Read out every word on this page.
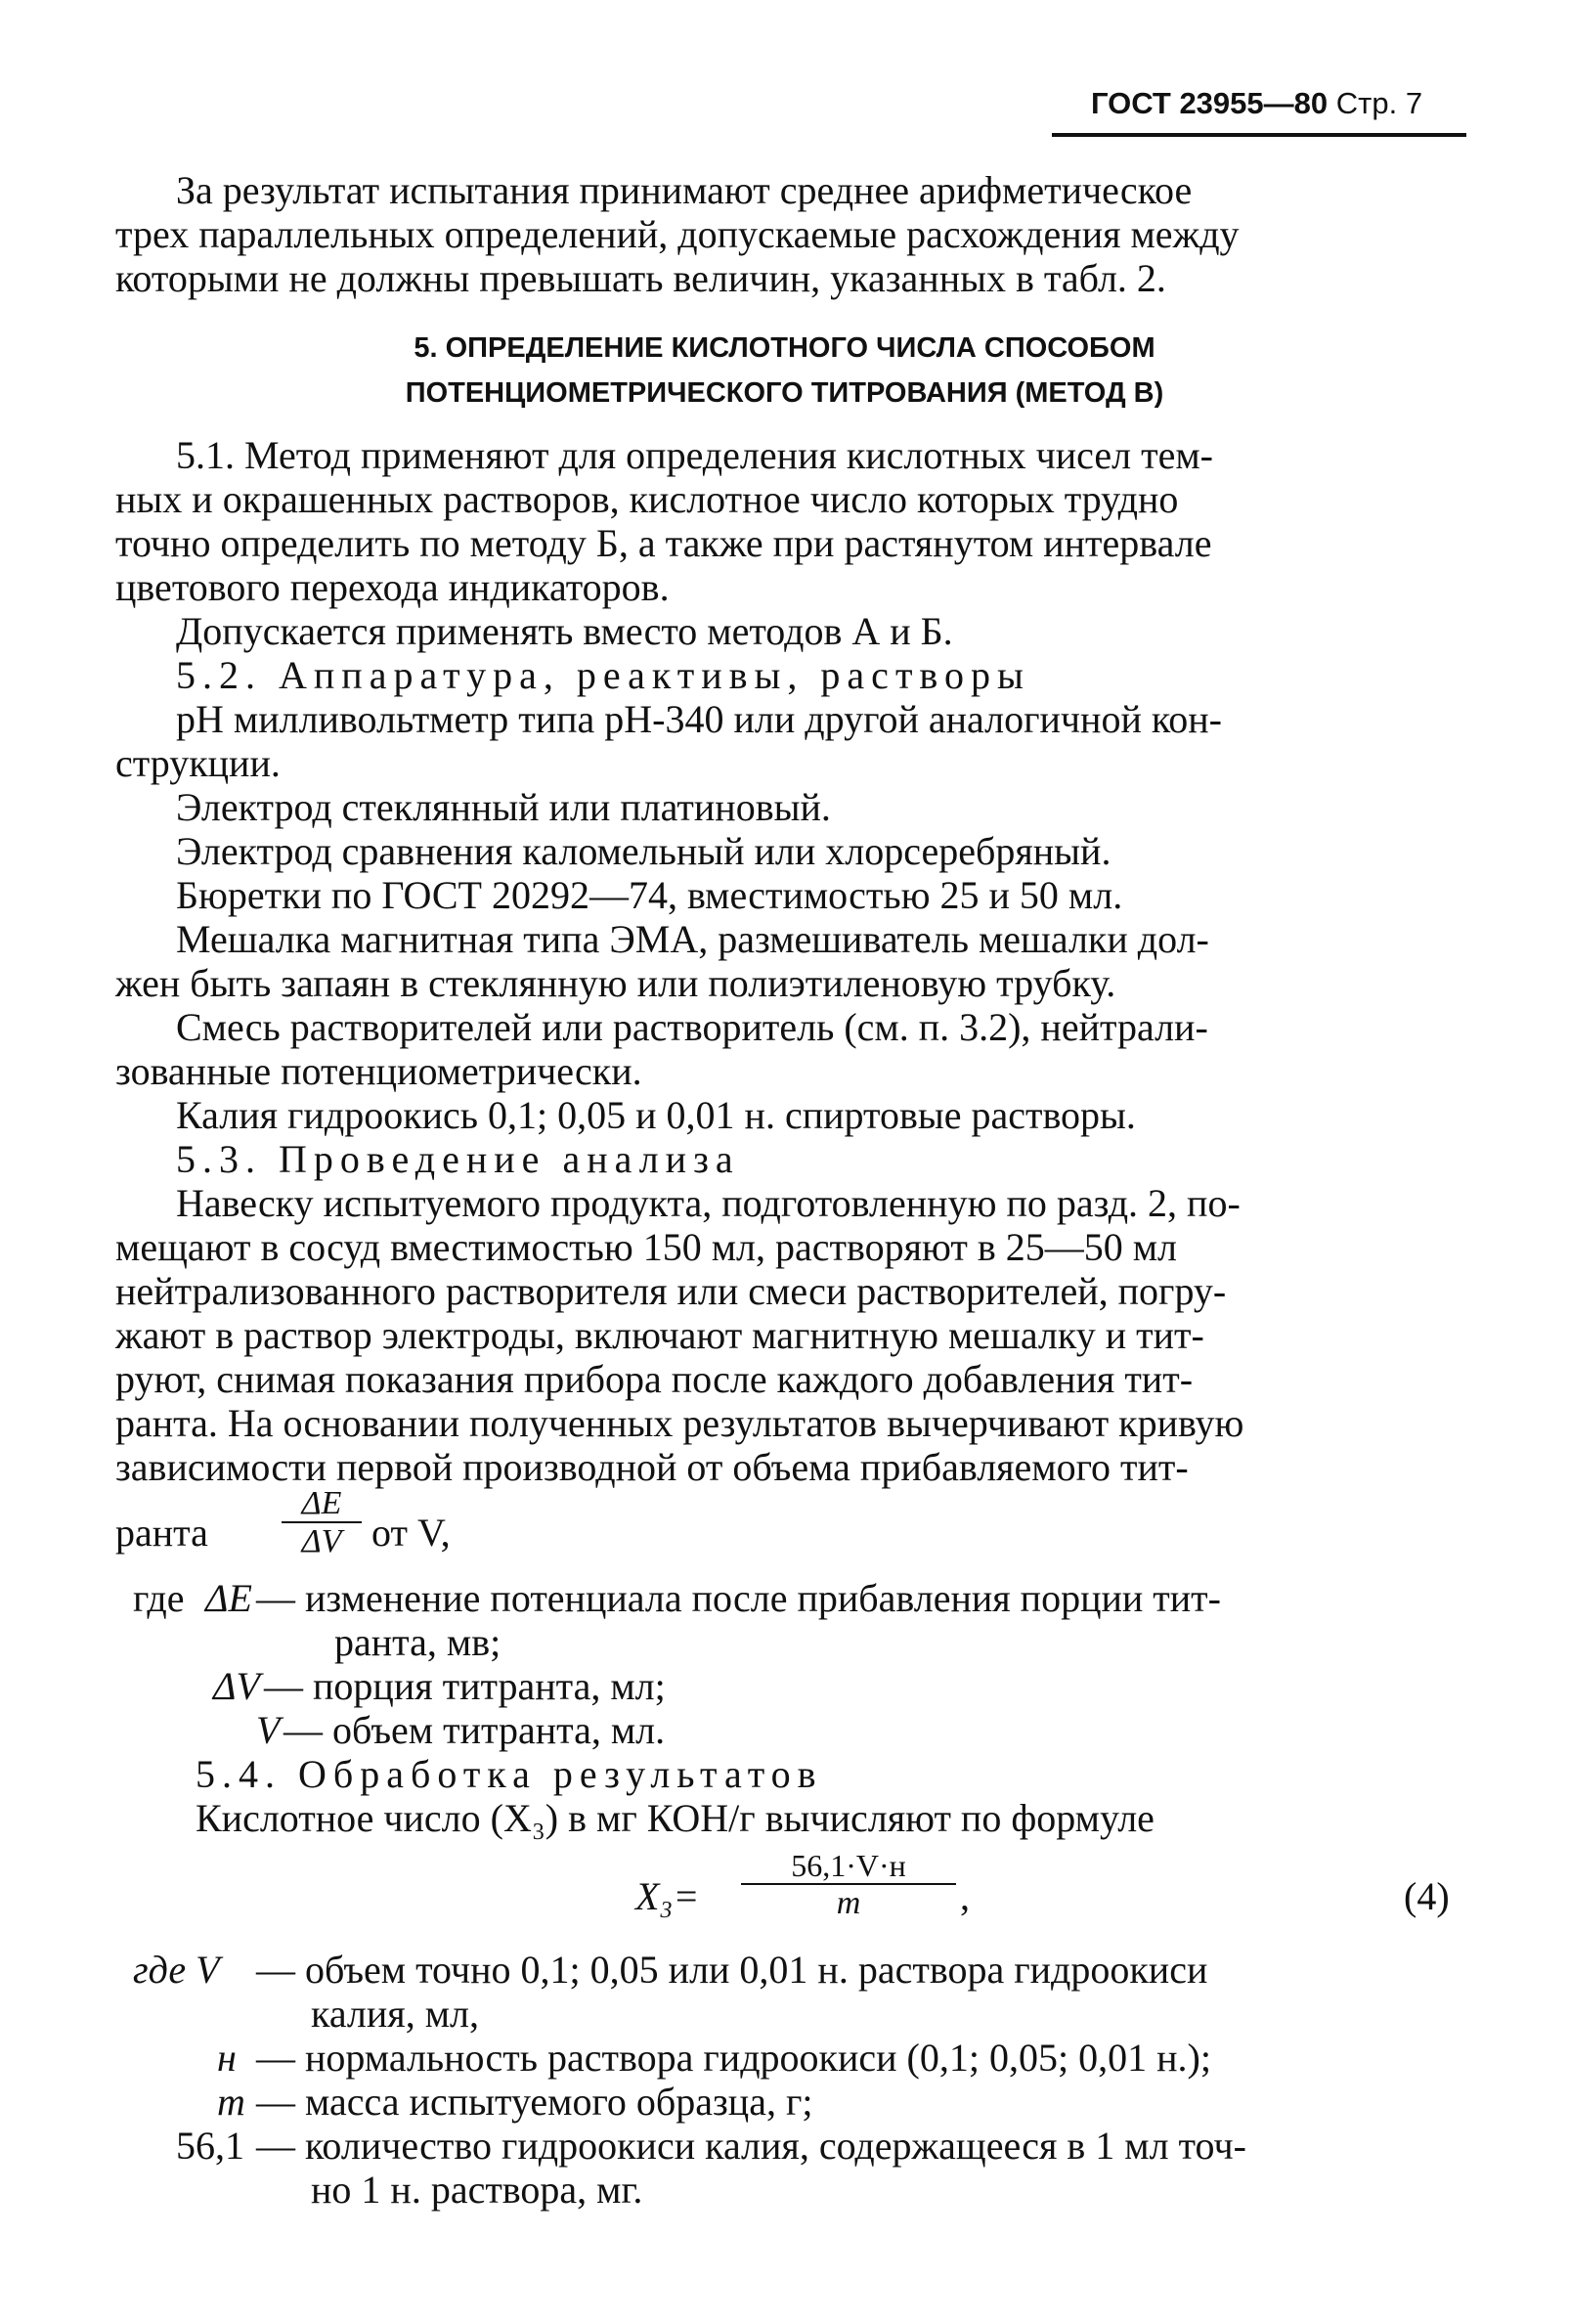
ГОСТ 23955—80 Стр. 7
За результат испытания принимают среднее арифметическое
трех параллельных определений, допускаемые расхождения между
которыми не должны превышать величин, указанных в табл. 2.
5. ОПРЕДЕЛЕНИЕ КИСЛОТНОГО ЧИСЛА СПОСОБОМ
ПОТЕНЦИОМЕТРИЧЕСКОГО ТИТРОВАНИЯ (МЕТОД В)
5.1. Метод применяют для определения кислотных чисел тем-
ных и окрашенных растворов, кислотное число которых трудно
точно определить по методу Б, а также при растянутом интервале
цветового перехода индикаторов.
Допускается применять вместо методов А и Б.
5.2. Аппаратура, реактивы, растворы
рН милливольтметр типа рН-340 или другой аналогичной кон-
струкции.
Электрод стеклянный или платиновый.
Электрод сравнения каломельный или хлорсеребряный.
Бюретки по ГОСТ 20292—74, вместимостью 25 и 50 мл.
Мешалка магнитная типа ЭМА, размешиватель мешалки дол-
жен быть запаян в стеклянную или полиэтиленовую трубку.
Смесь растворителей или растворитель (см. п. 3.2), нейтрали-
зованные потенциометрически.
Калия гидроокись 0,1; 0,05 и 0,01 н. спиртовые растворы.
5.3. Проведение анализа
Навеску испытуемого продукта, подготовленную по разд. 2, по-
мещают в сосуд вместимостью 150 мл, растворяют в 25—50 мл
нейтрализованного растворителя или смеси растворителей, погру-
жают в раствор электроды, включают магнитную мешалку и тит-
руют, снимая показания прибора после каждого добавления тит-
ранта. На основании полученных результатов вычерчивают кривую
зависимости первой производной от объема прибавляемого тит-
ранта
ΔE
ΔV от V,
где ΔE — изменение потенциала после прибавления порции тит-
ранта, мв;
ΔV — порция титранта, мл;
V — объем титранта, мл.
5.4. Обработка результатов
Кислотное число (X₃) в мг КОН/г вычисляют по формуле
X₃=
56,1·V·н
m	,	(4)
где V — объем точно 0,1; 0,05 или 0,01 н. раствора гидроокиси
калия, мл,
н — нормальность раствора гидроокиси (0,1; 0,05; 0,01 н.);
m — масса испытуемого образца, г;
56,1 — количество гидроокиси калия, содержащееся в 1 мл точ-
но 1 н. раствора, мг.
